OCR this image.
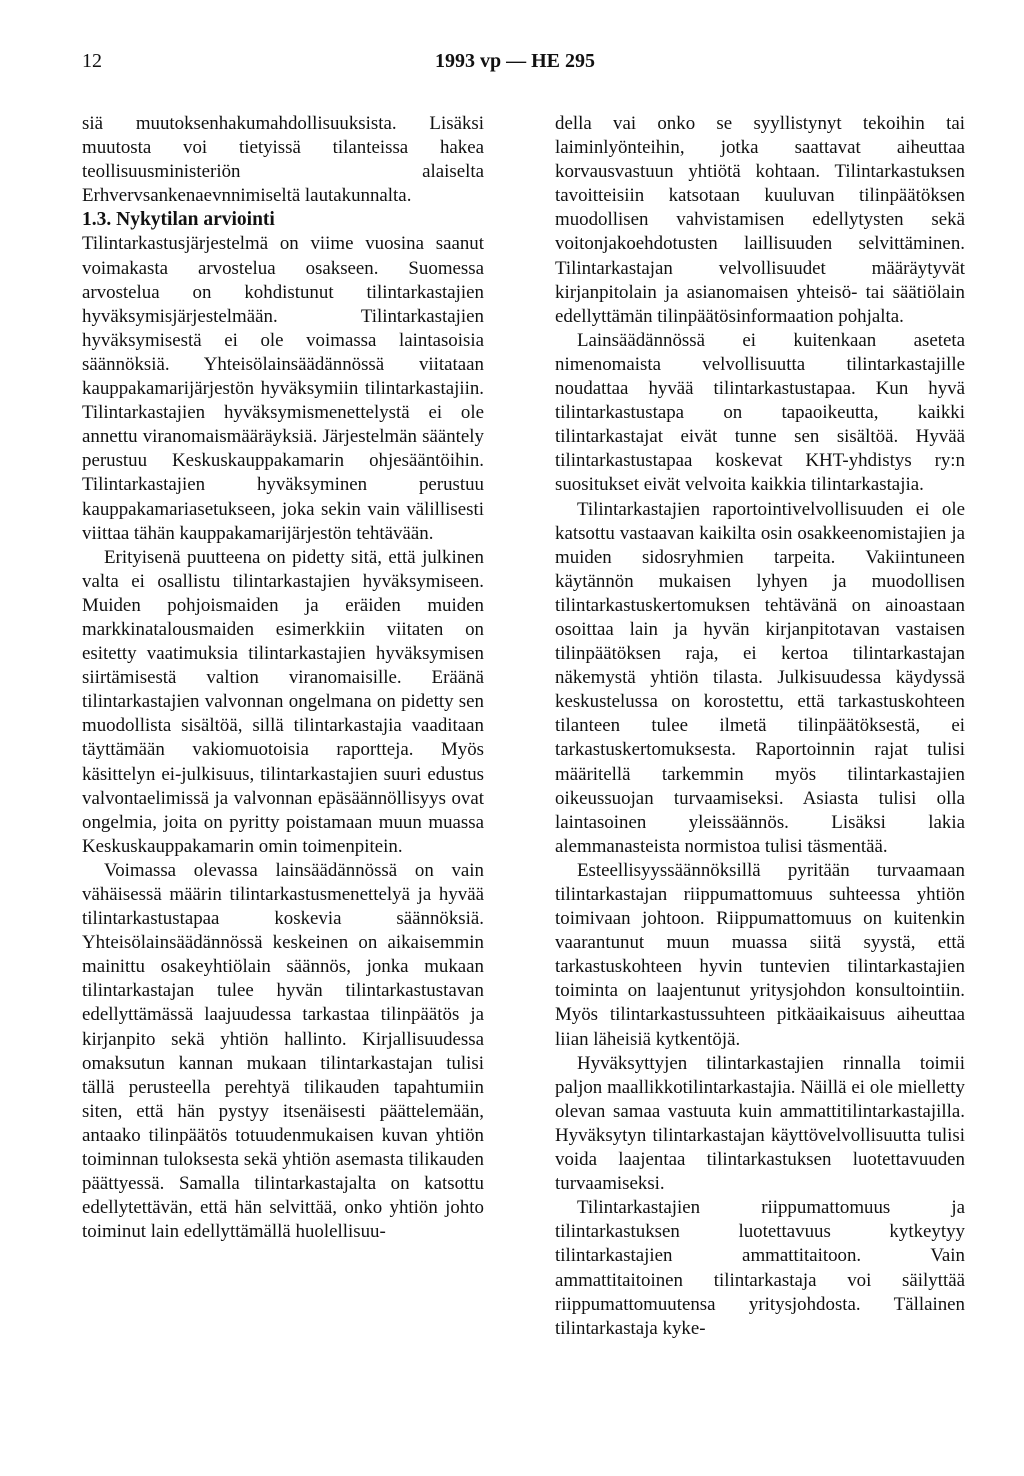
12	1993 vp — HE 295

siä muutoksenhakumahdollisuuksista. Lisäksi muutosta voi tietyissä tilanteissa hakea teollisuusministeriön alaiselta Erhvervsankenaevnnimiseltä lautakunnalta.

1.3. Nykytilan arviointi

Tilintarkastusjärjestelmä on viime vuosina saanut voimakasta arvostelua osakseen. Suomessa arvostelua on kohdistunut tilintarkastajien hyväksymisjärjestelmään. Tilintarkastajien hyväksymisestä ei ole voimassa laintasoisia säännöksiä. Yhteisölainsäädännössä viitataan kauppakamarijärjestön hyväksymiin tilintarkastajiin. Tilintarkastajien hyväksymismenettelystä ei ole annettu viranomaismääräyksiä. Järjestelmän sääntely perustuu Keskuskauppakamarin ohjesääntöihin. Tilintarkastajien hyväksyminen perustuu kauppakamariasetukseen, joka sekin vain välillisesti viittaa tähän kauppakamarijärjestön tehtävään.

Erityisenä puutteena on pidetty sitä, että julkinen valta ei osallistu tilintarkastajien hyväksymiseen. Muiden pohjoismaiden ja eräiden muiden markkinatalousmaiden esimerkkiin viitaten on esitetty vaatimuksia tilintarkastajien hyväksymisen siirtämisestä valtion viranomaisille. Eräänä tilintarkastajien valvonnan ongelmana on pidetty sen muodollista sisältöä, sillä tilintarkastajia vaaditaan täyttämään vakiomuotoisia raportteja. Myös käsittelyn ei-julkisuus, tilintarkastajien suuri edustus valvontaelimissä ja valvonnan epäsäännöllisyys ovat ongelmia, joita on pyritty poistamaan muun muassa Keskuskauppakamarin omin toimenpitein.

Voimassa olevassa lainsäädännössä on vain vähäisessä määrin tilintarkastusmenettelyä ja hyvää tilintarkastustapaa koskevia säännöksiä. Yhteisölainsäädännössä keskeinen on aikaisemmin mainittu osakeyhtiölain säännös, jonka mukaan tilintarkastajan tulee hyvän tilintarkastustavan edellyttämässä laajuudessa tarkastaa tilinpäätös ja kirjanpito sekä yhtiön hallinto. Kirjallisuudessa omaksutun kannan mukaan tilintarkastajan tulisi tällä perusteella perehtyä tilikauden tapahtumiin siten, että hän pystyy itsenäisesti päättelemään, antaako tilinpäätös totuudenmukaisen kuvan yhtiön toiminnan tuloksesta sekä yhtiön asemasta tilikauden päättyessä. Samalla tilintarkastajalta on katsottu edellytettävän, että hän selvittää, onko yhtiön johto toiminut lain edellyttämällä huolellisuu-

della vai onko se syyllistynyt tekoihin tai laiminlyönteihin, jotka saattavat aiheuttaa korvausvastuun yhtiötä kohtaan. Tilintarkastuksen tavoitteisiin katsotaan kuuluvan tilinpäätöksen muodollisen vahvistamisen edellytysten sekä voitonjakoehdotusten laillisuuden selvittäminen. Tilintarkastajan velvollisuudet määräytyvät kirjanpitolain ja asianomaisen yhteisö- tai säätiölain edellyttämän tilinpäätösinformaation pohjalta.

Lainsäädännössä ei kuitenkaan aseteta nimenomaista velvollisuutta tilintarkastajille noudattaa hyvää tilintarkastustapaa. Kun hyvä tilintarkastustapa on tapaoikeutta, kaikki tilintarkastajat eivät tunne sen sisältöä. Hyvää tilintarkastustapaa koskevat KHT-yhdistys ry:n suositukset eivät velvoita kaikkia tilintarkastajia.

Tilintarkastajien raportointivelvollisuuden ei ole katsottu vastaavan kaikilta osin osakkeenomistajien ja muiden sidosryhmien tarpeita. Vakiintuneen käytännön mukaisen lyhyen ja muodollisen tilintarkastuskertomuksen tehtävänä on ainoastaan osoittaa lain ja hyvän kirjanpitotavan vastaisen tilinpäätöksen raja, ei kertoa tilintarkastajan näkemystä yhtiön tilasta. Julkisuudessa käydyssä keskustelussa on korostettu, että tarkastuskohteen tilanteen tulee ilmetä tilinpäätöksestä, ei tarkastuskertomuksesta. Raportoinnin rajat tulisi määritellä tarkemmin myös tilintarkastajien oikeussuojan turvaamiseksi. Asiasta tulisi olla laintasoinen yleissäännös. Lisäksi lakia alemmanasteista normistoa tulisi täsmentää.

Esteellisyyssäännöksillä pyritään turvaamaan tilintarkastajan riippumattomuus suhteessa yhtiön toimivaan johtoon. Riippumattomuus on kuitenkin vaarantunut muun muassa siitä syystä, että tarkastuskohteen hyvin tuntevien tilintarkastajien toiminta on laajentunut yritysjohdon konsultointiin. Myös tilintarkastussuhteen pitkäaikaisuus aiheuttaa liian läheisiä kytkentöjä.

Hyväksyttyjen tilintarkastajien rinnalla toimii paljon maallikkotilintarkastajia. Näillä ei ole mielletty olevan samaa vastuuta kuin ammattitilintarkastajilla. Hyväksytyn tilintarkastajan käyttövelvollisuutta tulisi voida laajentaa tilintarkastuksen luotettavuuden turvaamiseksi.

Tilintarkastajien riippumattomuus ja tilintarkastuksen luotettavuus kytkeytyy tilintarkastajien ammattitaitoon. Vain ammattitaitoinen tilintarkastaja voi säilyttää riippumattomuutensa yritysjohdosta. Tällainen tilintarkastaja kyke-
